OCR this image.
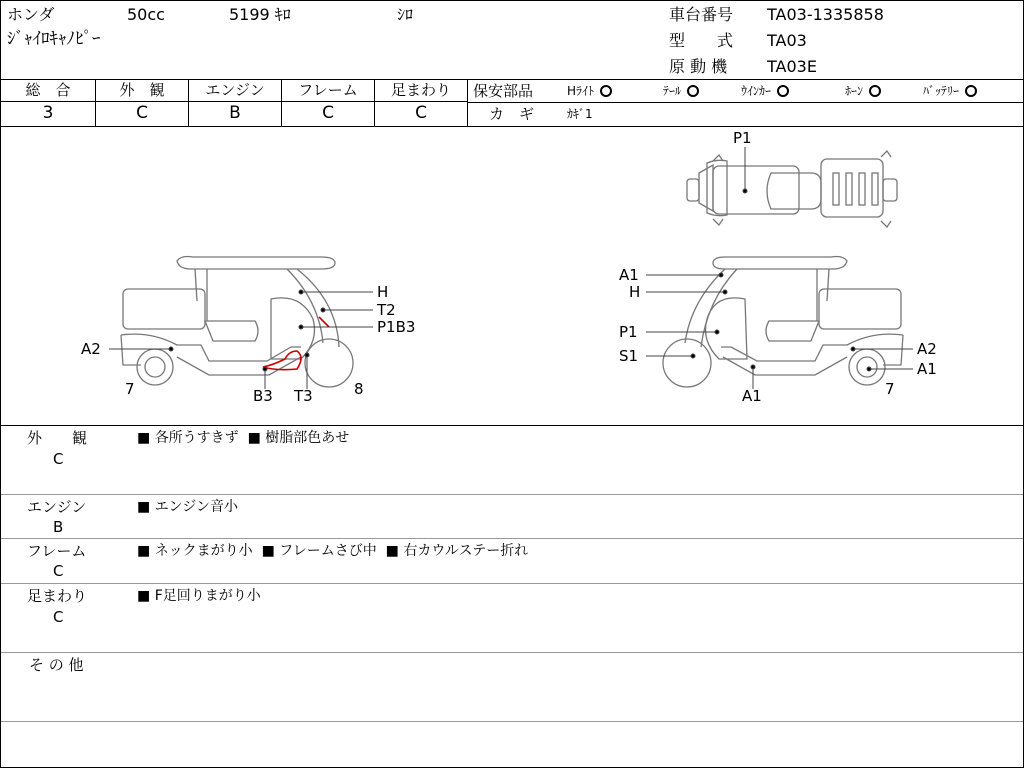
ホンダ	50cc	5199 ｷﾛ	ｼﾛ
ｼﾞｬｲﾛｷｬﾉﾋﾟｰ
車台番号 TA03-1335858
型　　式 TA03
原 動 機 TA03E
総　合	外　観	エンジン	フレーム	足まわり
3	C	B	C	C
保安部品	Hﾗｲﾄ	ﾃｰﾙ	ｳｲﾝｶｰ	ﾎｰﾝ	ﾊﾞｯﾃﾘｰ
カ　ギ	ｶｷﾞ1
P1
H
T2
P1B3
A2
7	8
B3 T3
A1
H
P1
S1	A2
A1
7
A1
外　　観
C
■ 各所うすきず ■ 樹脂部色あせ
エンジン
B
■ エンジン音小
フレーム
C
■ ネックまがり小 ■ フレームさび中 ■ 右カウルステー折れ
足まわり
C
■ F足回りまがり小
そ の 他
